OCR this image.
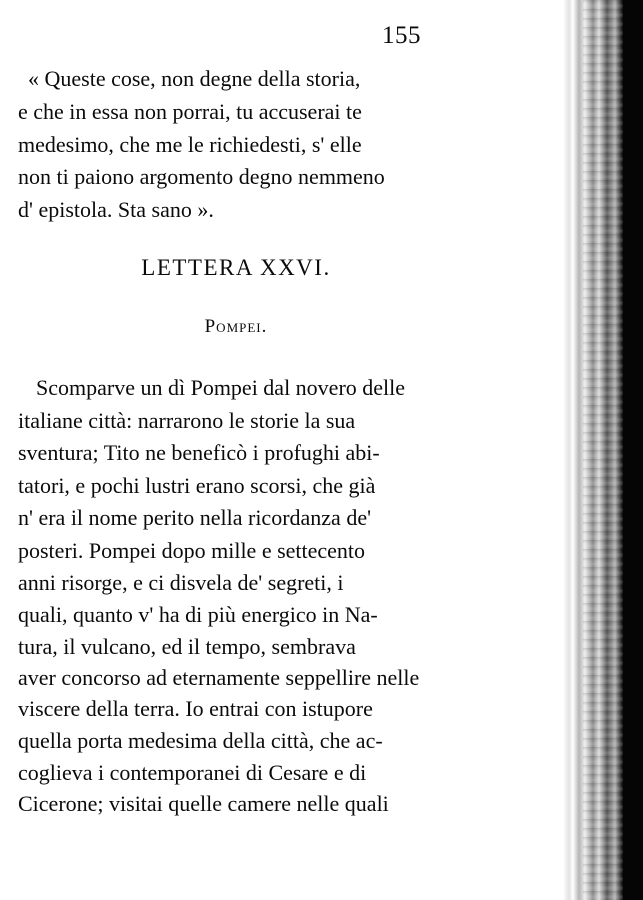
155
« Queste cose, non degne della storia,
e che in essa non porrai, tu accuserai te
medesimo, che me le richiedesti, s' elle
non ti paiono argomento degno nemmeno
d' epistola. Sta sano ».
LETTERA XXVI.
Pompei.
Scomparve un dì Pompei dal novero delle
italiane città: narrarono le storie la sua
sventura; Tito ne beneficò i profughi abi-
tatori, e pochi lustri erano scorsi, che già
n' era il nome perito nella ricordanza de'
posteri. Pompei dopo mille e settecento
anni risorge, e ci disvela de' segreti, i
quali, quanto v' ha di più energico in Na-
tura, il vulcano, ed il tempo, sembrava
aver concorso ad eternamente seppellire nelle
viscere della terra. Io entrai con istupore
quella porta medesima della città, che ac-
coglieva i contemporanei di Cesare e di
Cicerone; visitai quelle camere nelle quali
